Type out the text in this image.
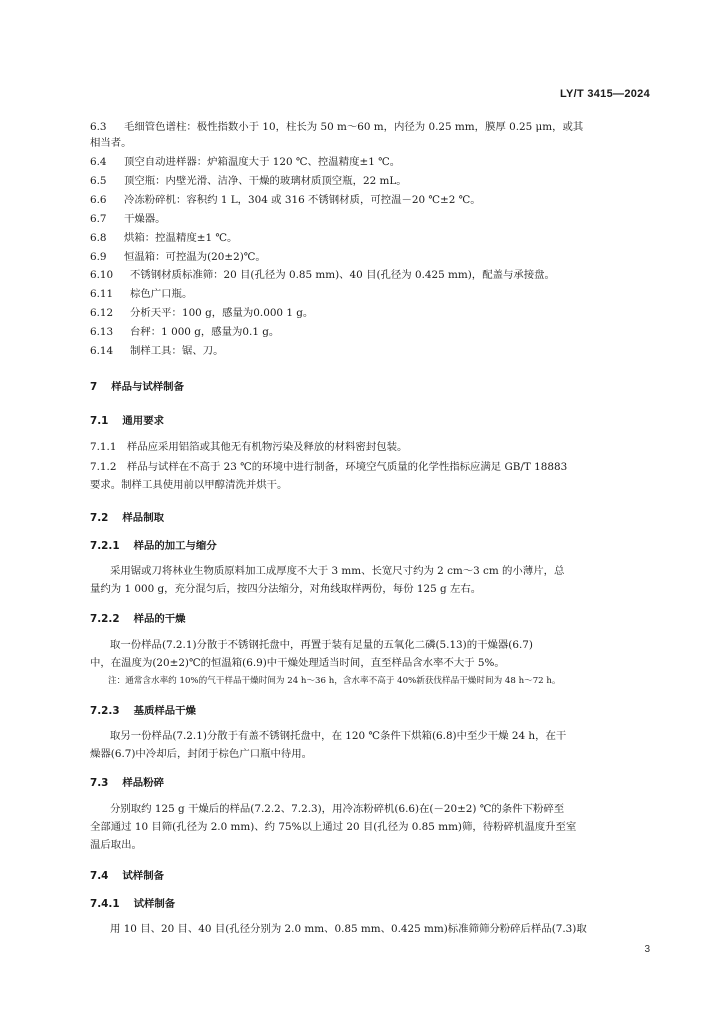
LY/T 3415—2024
6.3 毛细管色谱柱：极性指数小于 10，柱长为 50 m～60 m，内径为 0.25 mm，膜厚 0.25 μm，或其
相当者。
6.4 顶空自动进样器：炉箱温度大于 120 ℃、控温精度±1 ℃。
6.5 顶空瓶：内壁光滑、洁净、干燥的玻璃材质顶空瓶，22 mL。
6.6 冷冻粉碎机：容积约 1 L，304 或 316 不锈钢材质，可控温－20 ℃±2 ℃。
6.7 干燥器。
6.8 烘箱：控温精度±1 ℃。
6.9 恒温箱：可控温为(20±2)℃。
6.10 不锈钢材质标准筛：20 目(孔径为 0.85 mm)、40 目(孔径为 0.425 mm)，配盖与承接盘。
6.11 棕色广口瓶。
6.12 分析天平：100 g，感量为0.000 1 g。
6.13 台秤：1 000 g，感量为0.1 g。
6.14 制样工具：锯、刀。
7 样品与试样制备
7.1 通用要求
7.1.1　 样品应采用铝箔或其他无有机物污染及释放的材料密封包装。
7.1.2　 样品与试样在不高于 23 ℃的环境中进行制备，环境空气质量的化学性指标应满足 GB/T 18883
要求。制样工具使用前以甲醇清洗并烘干。
7.2 样品制取
7.2.1 样品的加工与缩分
采用锯或刀将林业生物质原料加工成厚度不大于 3 mm、长宽尺寸约为 2 cm～3 cm 的小薄片，总
量约为 1 000 g，充分混匀后，按四分法缩分，对角线取样两份，每份 125 g 左右。
7.2.2 样品的干燥
取一份样品(7.2.1)分散于不锈钢托盘中，再置于装有足量的五氧化二磷(5.13)的干燥器(6.7)
中，在温度为(20±2)℃的恒温箱(6.9)中干燥处理适当时间，直至样品含水率不大于 5%。
注：通常含水率约 10%的气干样品干燥时间为 24 h～36 h，含水率不高于 40%新获伐样品干燥时间为 48 h～72 h。
7.2.3 基质样品干燥
取另一份样品(7.2.1)分散于有盖不锈钢托盘中，在 120 ℃条件下烘箱(6.8)中至少干燥 24 h，在干
燥器(6.7)中冷却后，封闭于棕色广口瓶中待用。
7.3 样品粉碎
分别取约 125 g 干燥后的样品(7.2.2、7.2.3)，用冷冻粉碎机(6.6)在(－20±2) ℃的条件下粉碎至
全部通过 10 目筛(孔径为 2.0 mm)、约 75%以上通过 20 目(孔径为 0.85 mm)筛，待粉碎机温度升至室
温后取出。
7.4 试样制备
7.4.1 试样制备
用 10 目、20 目、40 目(孔径分别为 2.0 mm、0.85 mm、0.425 mm)标准筛筛分粉碎后样品(7.3)取
3
